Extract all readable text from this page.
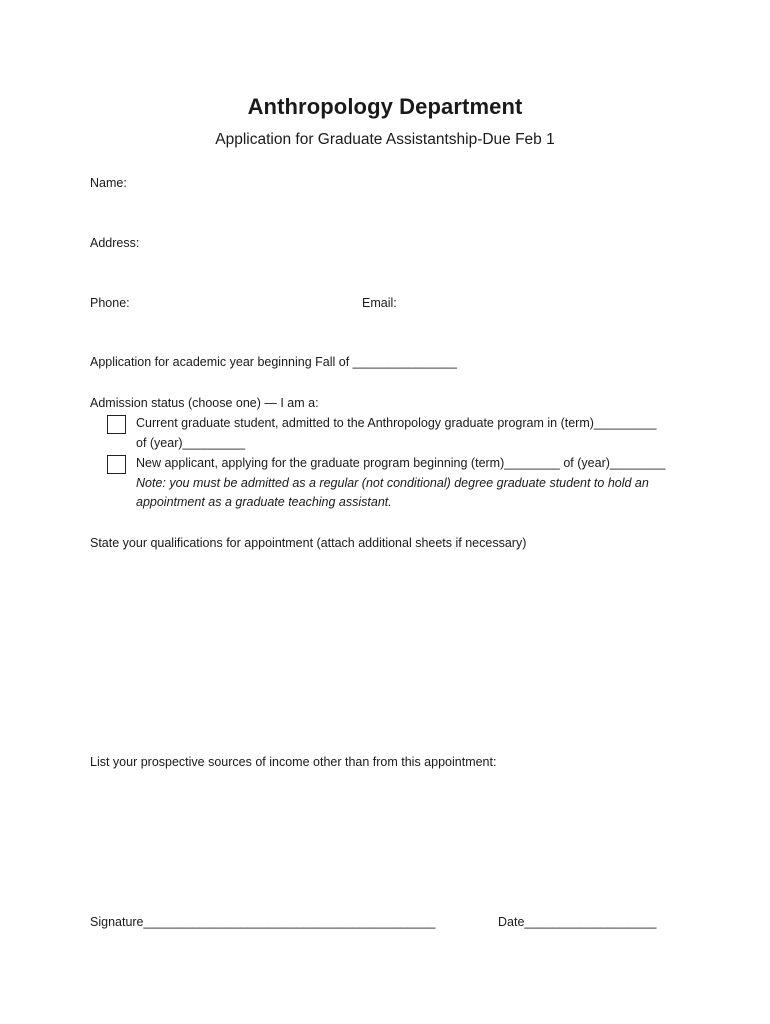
Anthropology Department
Application for Graduate Assistantship-Due Feb 1
Name:
Address:
Phone:	Email:
Application for academic year beginning Fall of _______________
Admission status (choose one) — I am a:
Current graduate student, admitted to the Anthropology graduate program in (term)_________
of (year)_________
New applicant, applying for the graduate program beginning (term)________ of (year)________
Note: you must be admitted as a regular (not conditional) degree graduate student to hold an
appointment as a graduate teaching assistant.
State your qualifications for appointment (attach additional sheets if necessary)
List your prospective sources of income other than from this appointment:
Signature__________________________________________	Date___________________
